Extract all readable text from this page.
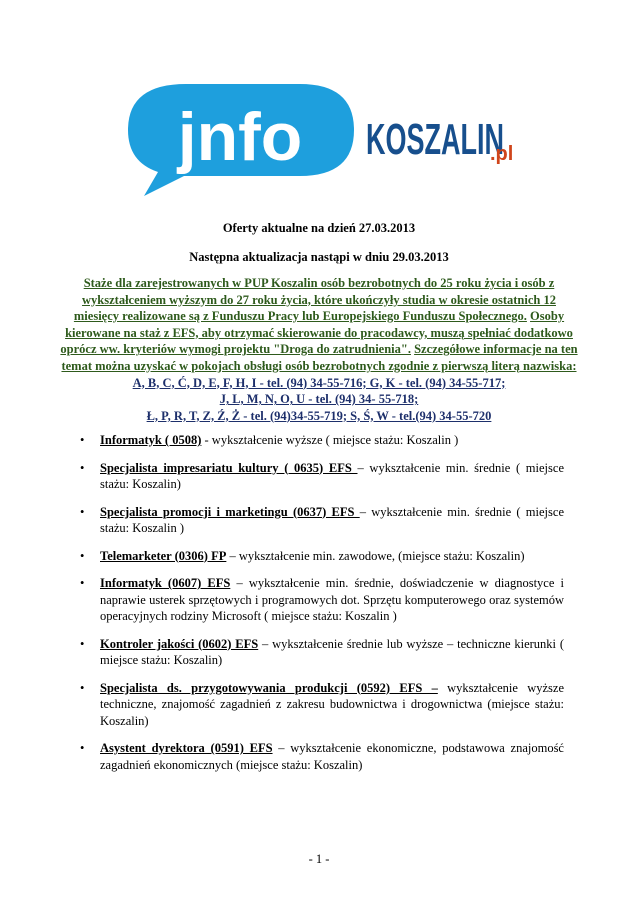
jnfo KOSZALIN
.pl
Oferty aktualne na dzień 27.03.2013
Następna aktualizacja nastąpi w dniu 29.03.2013
Staże dla zarejestrowanych w PUP Koszalin osób bezrobotnych do 25 roku życia i osób z wykształceniem wyższym do 27 roku życia, które ukończyły studia w okresie ostatnich 12 miesięcy realizowane są z Funduszu Pracy lub Europejskiego Funduszu Społecznego. Osoby kierowane na staż z EFS, aby otrzymać skierowanie do pracodawcy, muszą spełniać dodatkowo oprócz ww. kryteriów wymogi projektu "Droga do zatrudnienia". Szczegółowe informacje na ten temat można uzyskać w pokojach obsługi osób bezrobotnych zgodnie z pierwszą literą nazwiska:
A, B, C, Ć, D, E, F, H, I - tel. (94) 34-55-716; G, K - tel. (94) 34-55-717;
J, L, M, N, O, U - tel. (94) 34- 55-718;
Ł, P, R, T, Z, Ź, Ż - tel. (94)34-55-719; S, Ś, W - tel.(94) 34-55-720
• Informatyk ( 0508) - wykształcenie wyższe ( miejsce stażu: Koszalin )
• Specjalista impresariatu kultury ( 0635) EFS – wykształcenie min. średnie ( miejsce stażu: Koszalin)
• Specjalista promocji i marketingu (0637) EFS – wykształcenie min. średnie ( miejsce stażu: Koszalin )
• Telemarketer (0306) FP – wykształcenie min. zawodowe, (miejsce stażu: Koszalin)
• Informatyk (0607) EFS – wykształcenie min. średnie, doświadczenie w diagnostyce i naprawie usterek sprzętowych i programowych dot. Sprzętu komputerowego oraz systemów operacyjnych rodziny Microsoft ( miejsce stażu: Koszalin )
• Kontroler jakości (0602) EFS – wykształcenie średnie lub wyższe – techniczne kierunki ( miejsce stażu: Koszalin)
• Specjalista ds. przygotowywania produkcji (0592) EFS – wykształcenie wyższe techniczne, znajomość zagadnień z zakresu budownictwa i drogownictwa (miejsce stażu: Koszalin)
• Asystent dyrektora (0591) EFS – wykształcenie ekonomiczne, podstawowa znajomość zagadnień ekonomicznych (miejsce stażu: Koszalin)
- 1 -
